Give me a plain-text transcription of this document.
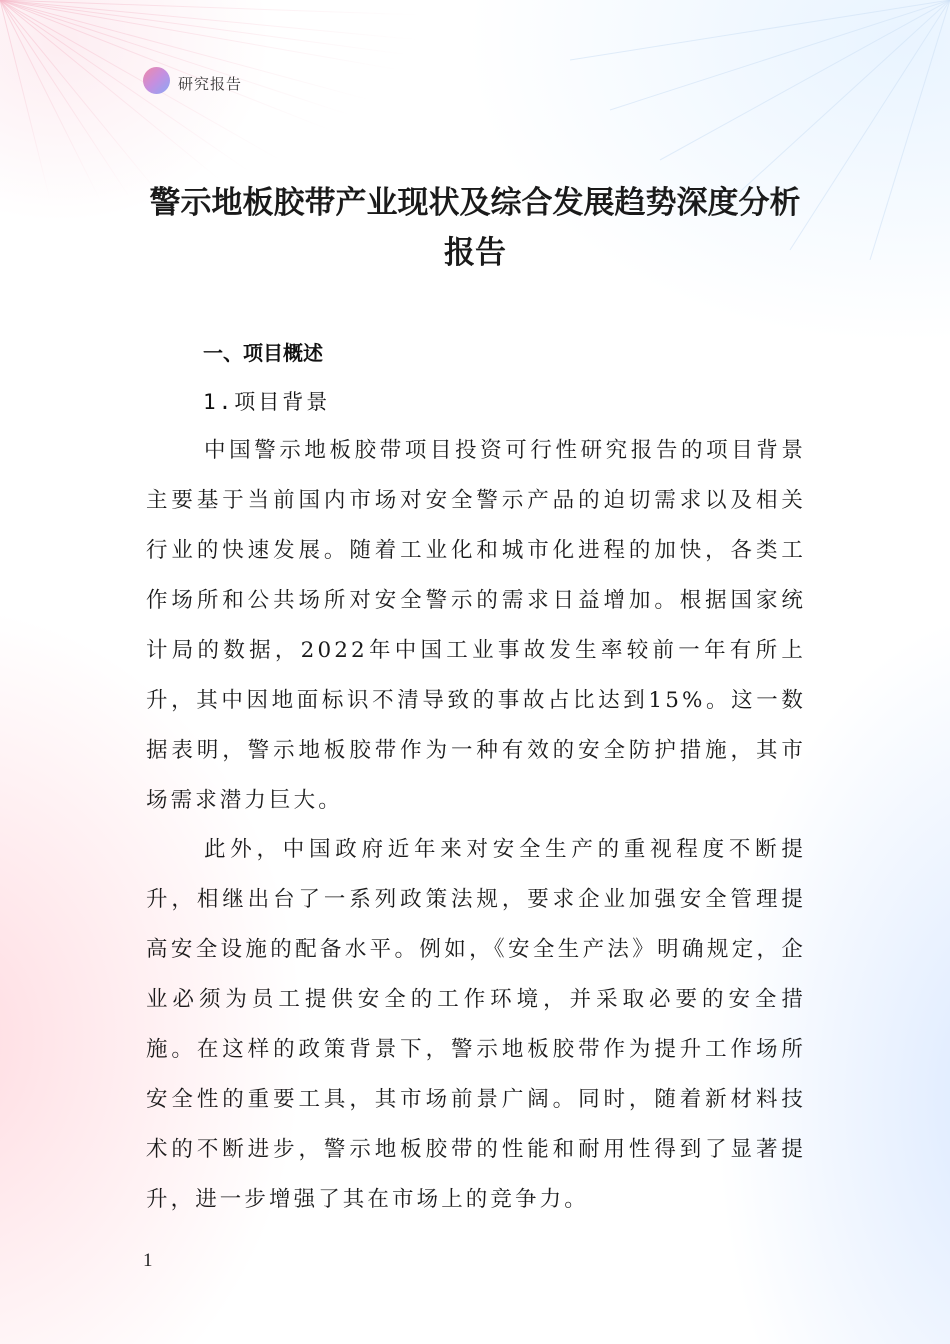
研究报告
警示地板胶带产业现状及综合发展趋势深度分析报告
一、项目概述
1.项目背景

中国警示地板胶带项目投资可行性研究报告的项目背景主要基于当前国内市场对安全警示产品的迫切需求以及相关行业的快速发展。随着工业化和城市化进程的加快，各类工作场所和公共场所对安全警示的需求日益增加。根据国家统计局的数据，2022年中国工业事故发生率较前一年有所上升，其中因地面标识不清导致的事故占比达到15%。这一数据表明，警示地板胶带作为一种有效的安全防护措施，其市场需求潜力巨大。

此外，中国政府近年来对安全生产的重视程度不断提升，相继出台了一系列政策法规，要求企业加强安全管理提高安全设施的配备水平。例如，《安全生产法》明确规定，企业必须为员工提供安全的工作环境，并采取必要的安全措施。在这样的政策背景下，警示地板胶带作为提升工作场所安全性的重要工具，其市场前景广阔。同时，随着新材料技术的不断进步，警示地板胶带的性能和耐用性得到了显著提升，进一步增强了其在市场上的竞争力。

1
